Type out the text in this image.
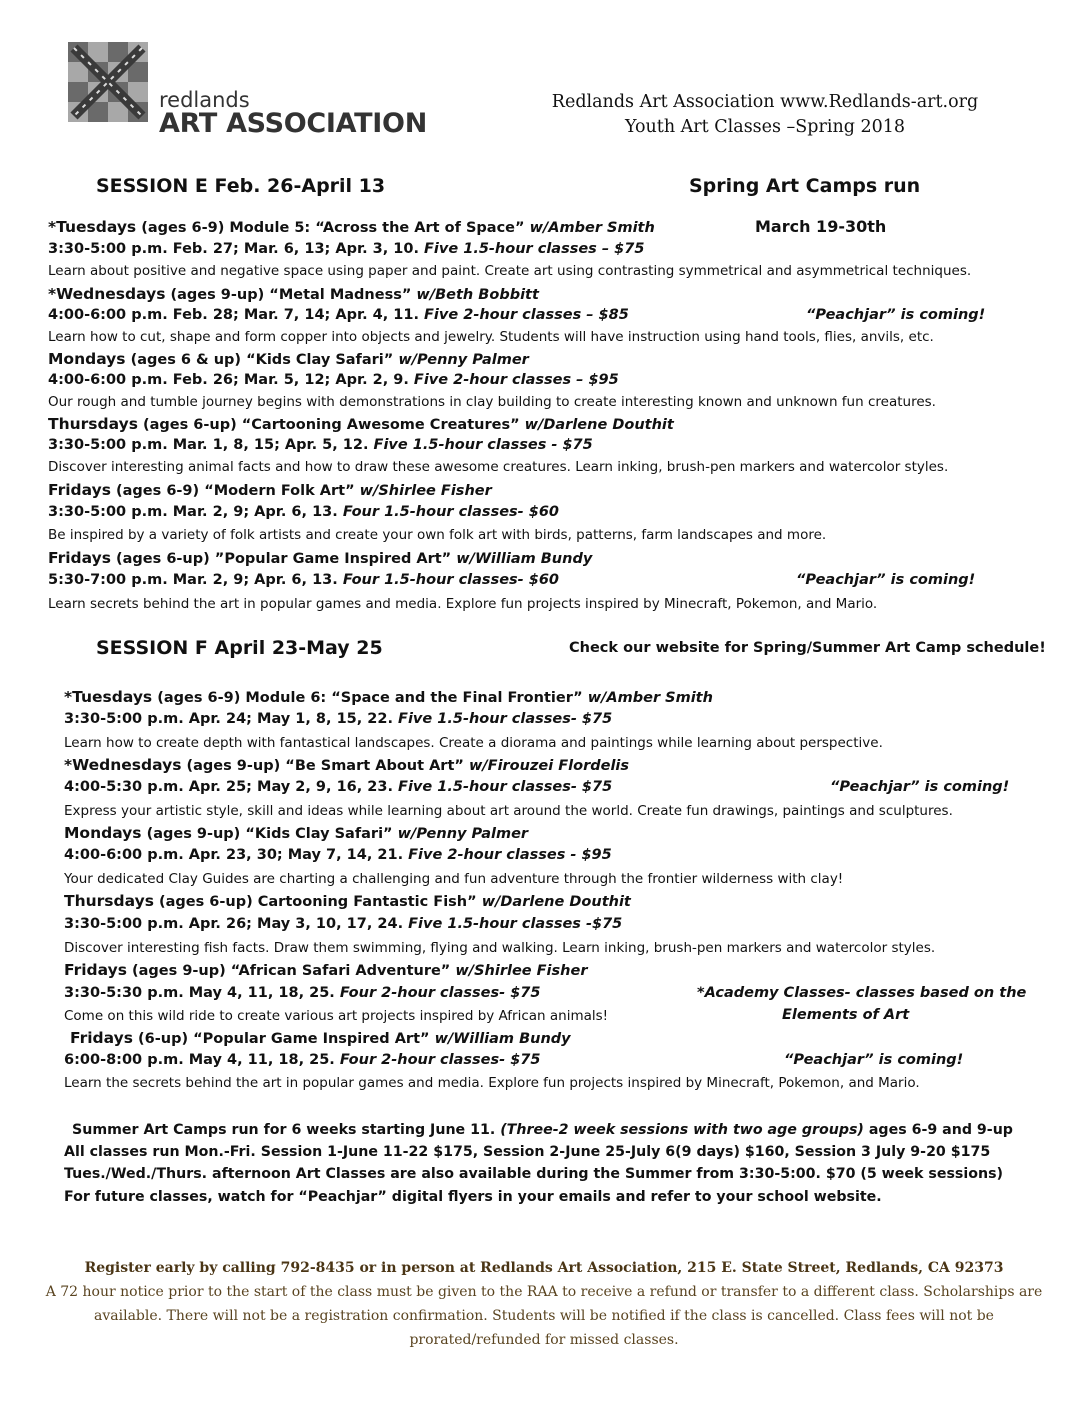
redlands
ART ASSOCIATION
Redlands Art Association www.Redlands-art.org
Youth Art Classes –Spring 2018
SESSION E Feb. 26-April 13	Spring Art Camps run
March 19-30th
*Tuesdays (ages 6-9) Module 5: “Across the Art of Space” w/Amber Smith
3:30-5:00 p.m. Feb. 27; Mar. 6, 13; Apr. 3, 10. Five 1.5-hour classes – $75
Learn about positive and negative space using paper and paint. Create art using contrasting symmetrical and asymmetrical techniques.
*Wednesdays (ages 9-up) “Metal Madness” w/Beth Bobbitt
4:00-6:00 p.m. Feb. 28; Mar. 7, 14; Apr. 4, 11. Five 2-hour classes – $85	“Peachjar” is coming!
Learn how to cut, shape and form copper into objects and jewelry. Students will have instruction using hand tools, flies, anvils, etc.
Mondays (ages 6 & up) “Kids Clay Safari” w/Penny Palmer
4:00-6:00 p.m. Feb. 26; Mar. 5, 12; Apr. 2, 9. Five 2-hour classes – $95
Our rough and tumble journey begins with demonstrations in clay building to create interesting known and unknown fun creatures.
Thursdays (ages 6-up) “Cartooning Awesome Creatures” w/Darlene Douthit
3:30-5:00 p.m. Mar. 1, 8, 15; Apr. 5, 12. Five 1.5-hour classes - $75
Discover interesting animal facts and how to draw these awesome creatures. Learn inking, brush-pen markers and watercolor styles.
Fridays (ages 6-9) “Modern Folk Art” w/Shirlee Fisher
3:30-5:00 p.m. Mar. 2, 9; Apr. 6, 13. Four 1.5-hour classes- $60
Be inspired by a variety of folk artists and create your own folk art with birds, patterns, farm landscapes and more.
Fridays (ages 6-up) ”Popular Game Inspired Art” w/William Bundy
5:30-7:00 p.m. Mar. 2, 9; Apr. 6, 13. Four 1.5-hour classes- $60	“Peachjar” is coming!
Learn secrets behind the art in popular games and media. Explore fun projects inspired by Minecraft, Pokemon, and Mario.
SESSION F April 23-May 25	Check our website for Spring/Summer Art Camp schedule!
*Tuesdays (ages 6-9) Module 6: “Space and the Final Frontier” w/Amber Smith
3:30-5:00 p.m. Apr. 24; May 1, 8, 15, 22. Five 1.5-hour classes- $75
Learn how to create depth with fantastical landscapes. Create a diorama and paintings while learning about perspective.
*Wednesdays (ages 9-up) “Be Smart About Art” w/Firouzei Flordelis
4:00-5:30 p.m. Apr. 25; May 2, 9, 16, 23. Five 1.5-hour classes- $75	“Peachjar” is coming!
Express your artistic style, skill and ideas while learning about art around the world. Create fun drawings, paintings and sculptures.
Mondays (ages 9-up) “Kids Clay Safari” w/Penny Palmer
4:00-6:00 p.m. Apr. 23, 30; May 7, 14, 21. Five 2-hour classes - $95
Your dedicated Clay Guides are charting a challenging and fun adventure through the frontier wilderness with clay!
Thursdays (ages 6-up) Cartooning Fantastic Fish” w/Darlene Douthit
3:30-5:00 p.m. Apr. 26; May 3, 10, 17, 24. Five 1.5-hour classes -$75
Discover interesting fish facts. Draw them swimming, flying and walking. Learn inking, brush-pen markers and watercolor styles.
Fridays (ages 9-up) “African Safari Adventure” w/Shirlee Fisher
3:30-5:30 p.m. May 4, 11, 18, 25. Four 2-hour classes- $75	*Academy Classes- classes based on the
Come on this wild ride to create various art projects inspired by African animals!	Elements of Art
Fridays (6-up) “Popular Game Inspired Art” w/William Bundy
6:00-8:00 p.m. May 4, 11, 18, 25. Four 2-hour classes- $75	“Peachjar” is coming!
Learn the secrets behind the art in popular games and media. Explore fun projects inspired by Minecraft, Pokemon, and Mario.
Summer Art Camps run for 6 weeks starting June 11. (Three-2 week sessions with two age groups) ages 6-9 and 9-up
All classes run Mon.-Fri. Session 1-June 11-22 $175, Session 2-June 25-July 6(9 days) $160, Session 3 July 9-20 $175
Tues./Wed./Thurs. afternoon Art Classes are also available during the Summer from 3:30-5:00. $70 (5 week sessions)
For future classes, watch for “Peachjar” digital flyers in your emails and refer to your school website.
Register early by calling 792-8435 or in person at Redlands Art Association, 215 E. State Street, Redlands, CA 92373
A 72 hour notice prior to the start of the class must be given to the RAA to receive a refund or transfer to a different class. Scholarships are available. There will not be a registration confirmation. Students will be notified if the class is cancelled. Class fees will not be prorated/refunded for missed classes.
